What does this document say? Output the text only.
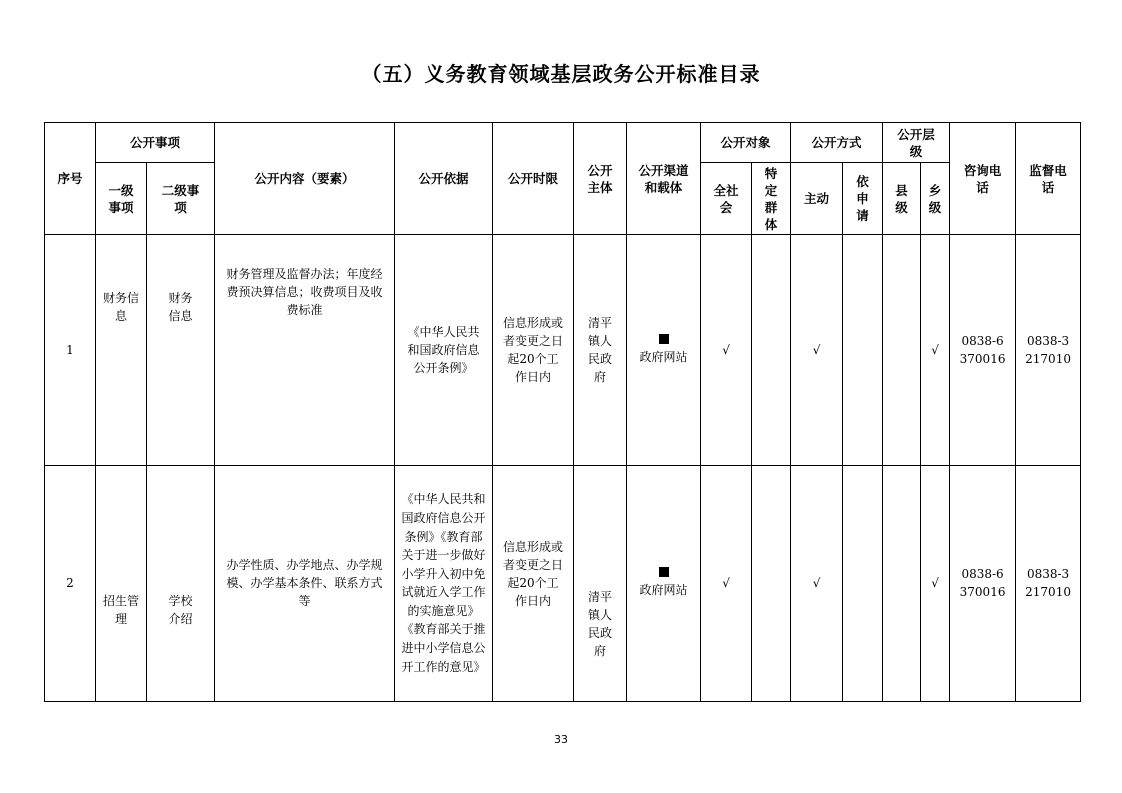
（五）义务教育领域基层政务公开标准目录
序号	公开事项		公开内容（要素）	公开依据	公开时限	公开主体	公开渠道和载体	公开对象		公开方式		公开层级		咨询电话	监督电话
	一级事项	二级事项						全社会	特定群体	主动	依申请	县级	乡级		
1	财务信息	财务信息	财务管理及监督办法；年度经费预决算信息；收费项目及收费标准	《中华人民共和国政府信息公开条例》	信息形成或者变更之日起20个工作日内	清平镇人民政府	政府网站	√		√			√	0838-6370016	0838-3217010
2	招生管理	学校介绍	办学性质、办学地点、办学规模、办学基本条件、联系方式等	《中华人民共和国政府信息公开 条例》《教育部 关于进一步做好小学升入初中免 试就近入学工作的实施意见》《教育部关于推 进中小学信息公开工作的意见》	信息形成或者变更之日起20个工作日内	清平镇人民政府	政府网站	√		√			√	0838-6370016	0838-3217010
33
